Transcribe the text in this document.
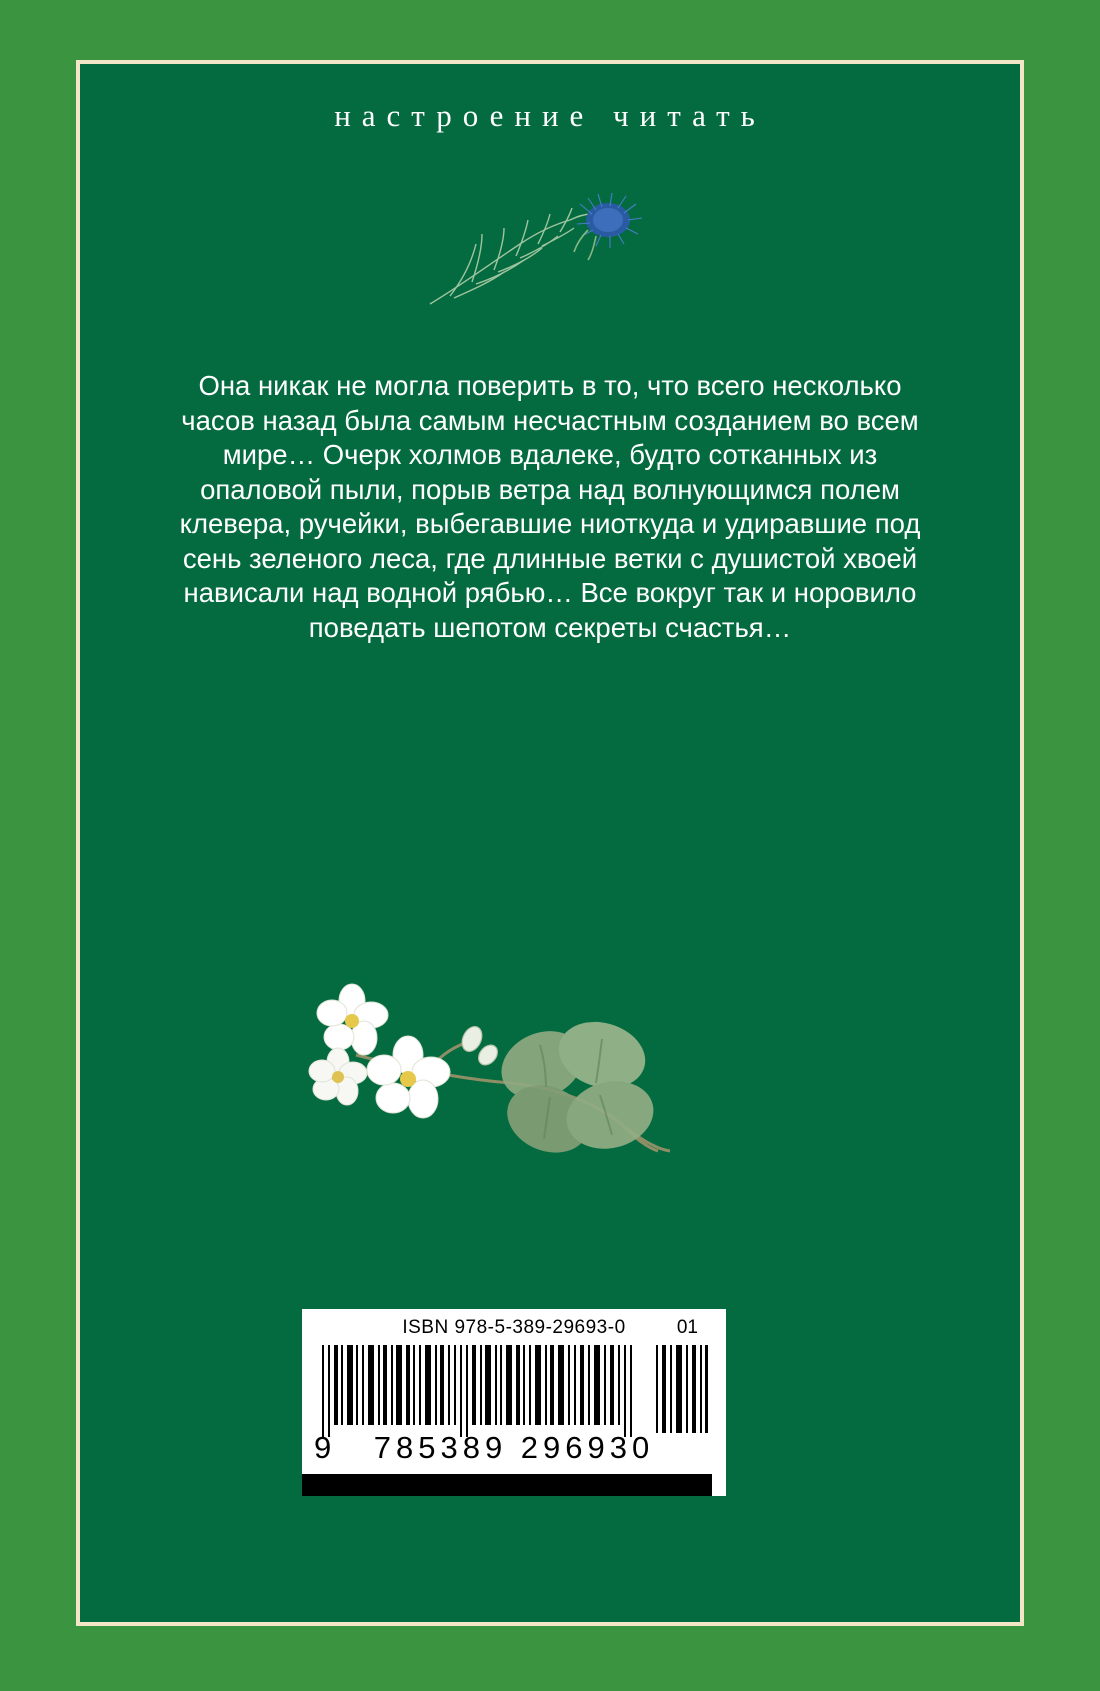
настроение читать

Она никак не могла поверить в то, что всего несколько часов назад была самым несчастным созданием во всем мире… Очерк холмов вдалеке, будто сотканных из опаловой пыли, порыв ветра над волнующимся полем клевера, ручейки, выбегавшие ниоткуда и удиравшие под сень зеленого леса, где длинные ветки с душистой хвоей нависали над водной рябью… Все вокруг так и норовило поведать шепотом секреты счастья…

ISBN 978-5-389-29693-0	01
9	785389 296930
